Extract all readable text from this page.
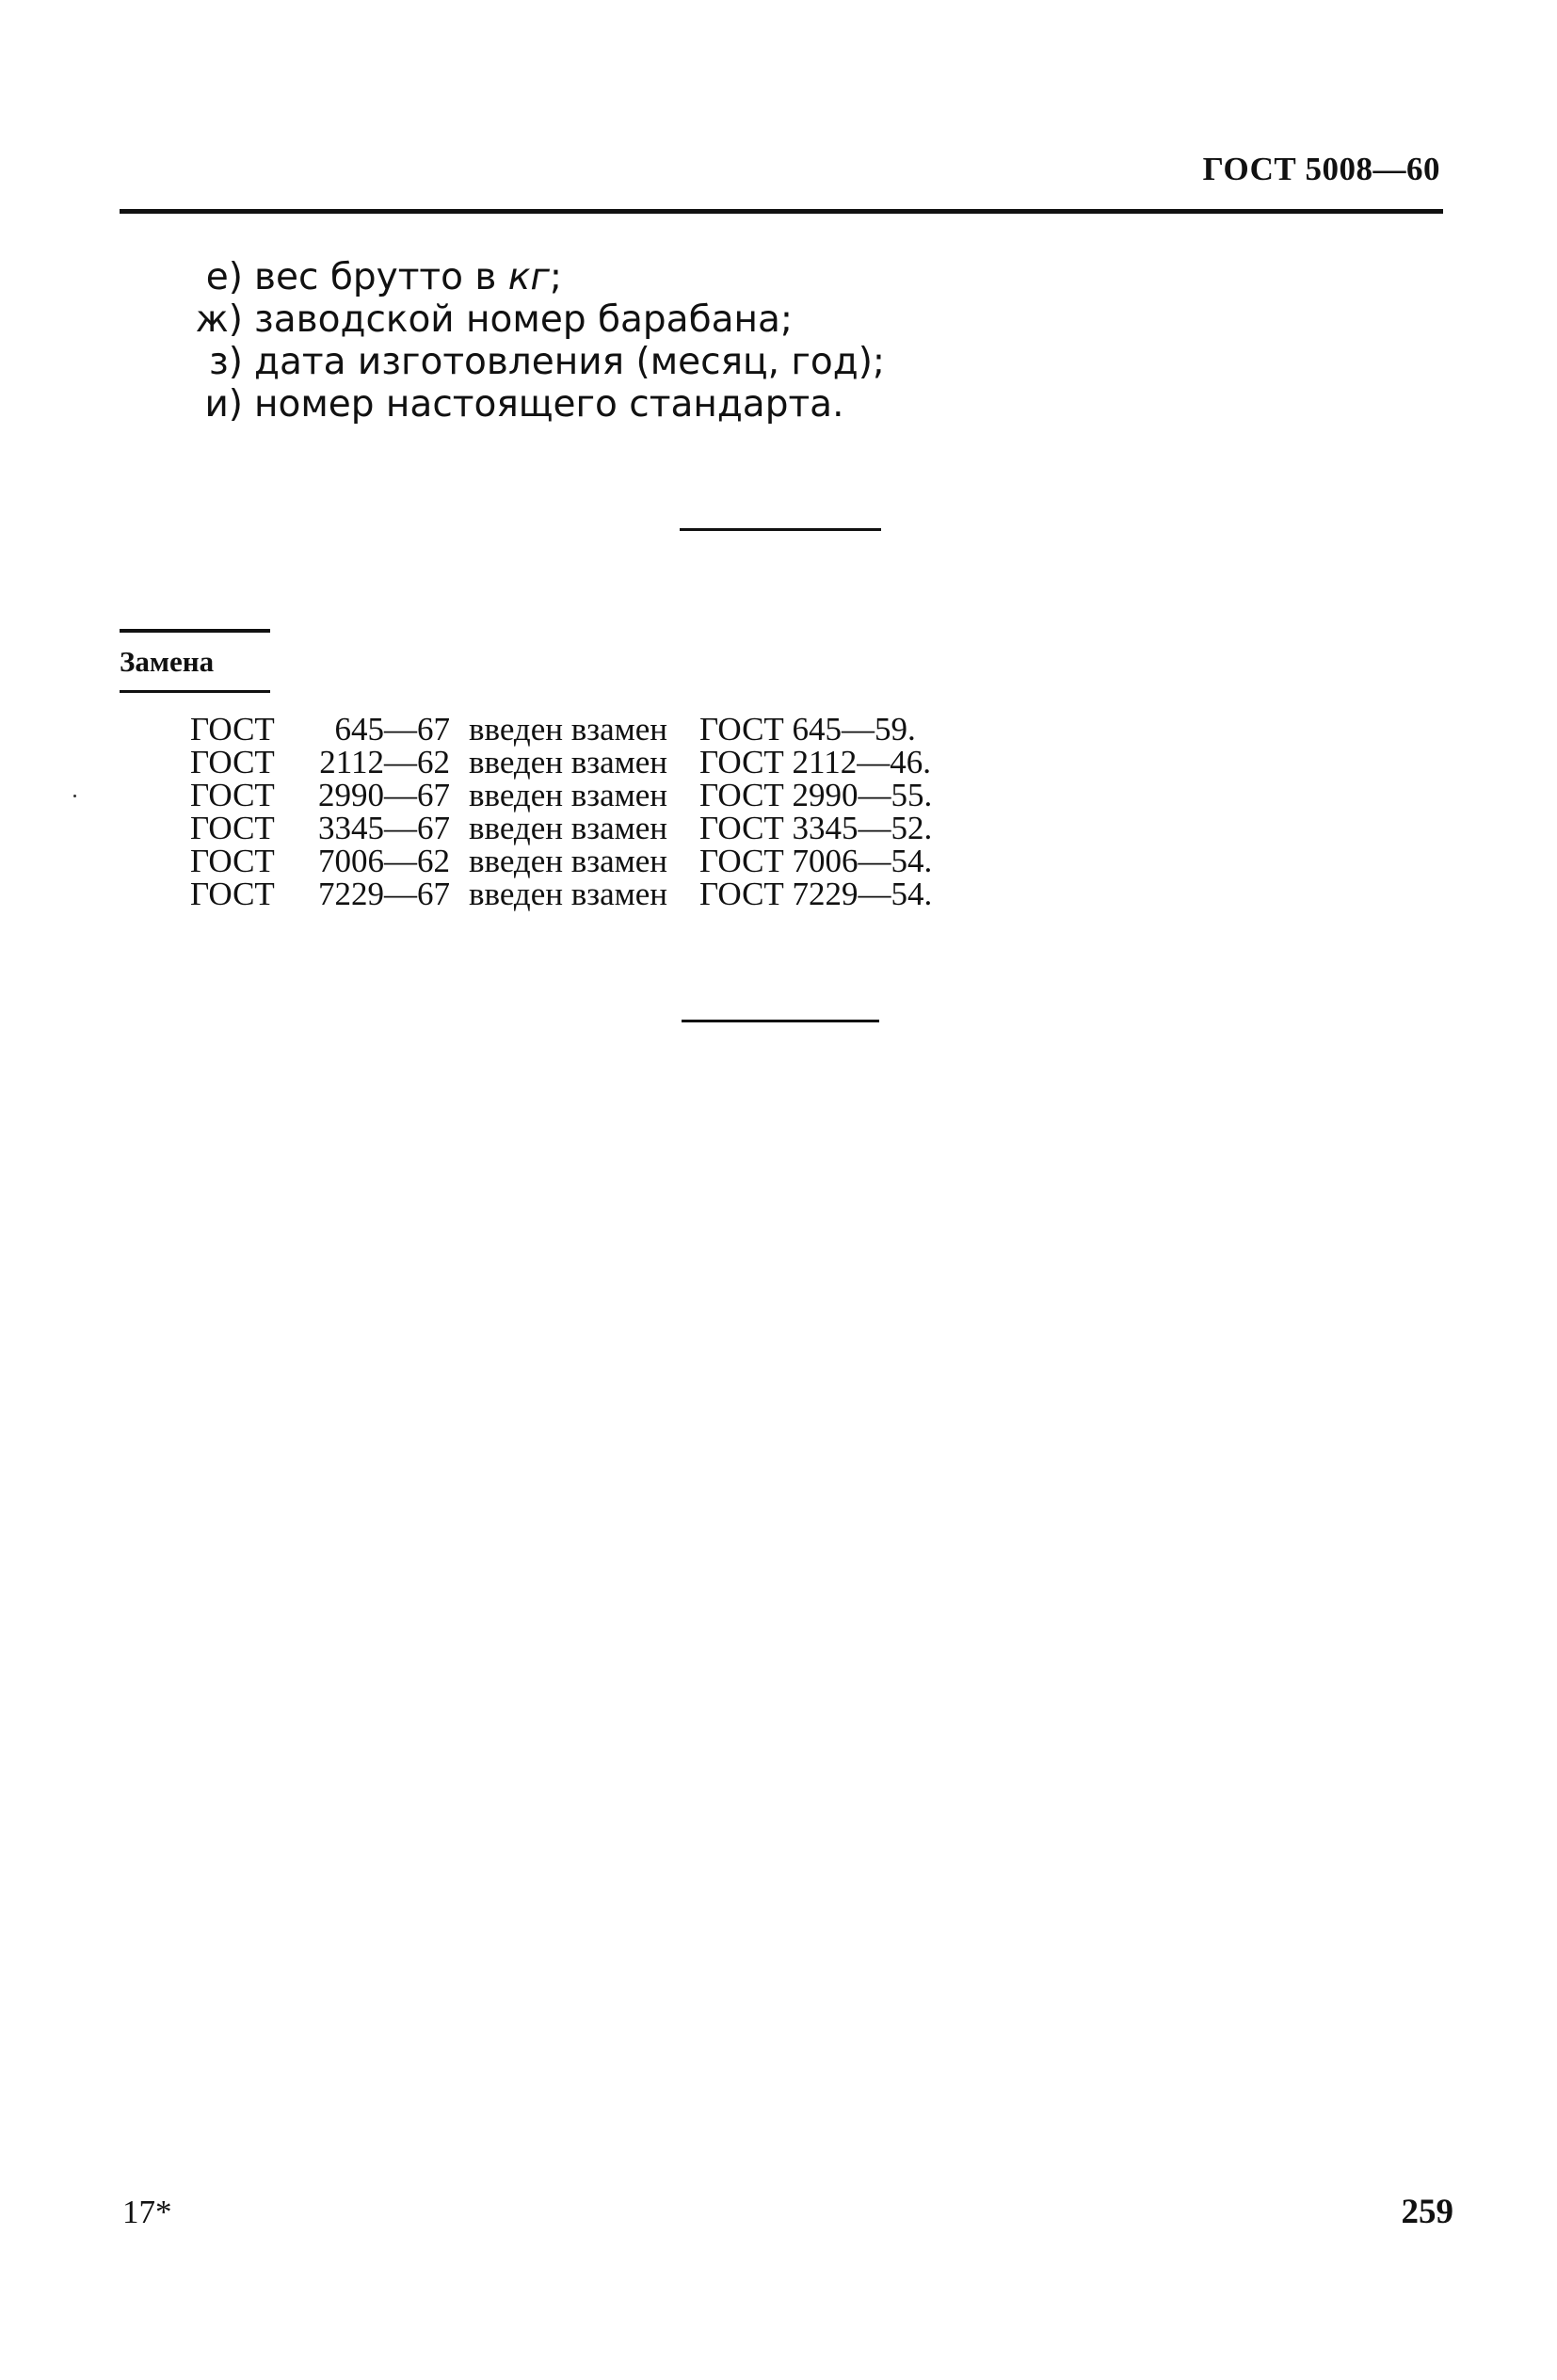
ГОСТ 5008—60
е) вес брутто в кг;
ж) заводской номер барабана;
з) дата изготовления (месяц, год);
и) номер настоящего стандарта.
Замена
ГОСТ 645—67 введен взамен ГОСТ 645—59.
ГОСТ 2112—62 введен взамен ГОСТ 2112—46.
ГОСТ 2990—67 введен взамен ГОСТ 2990—55.
ГОСТ 3345—67 введен взамен ГОСТ 3345—52.
ГОСТ 7006—62 введен взамен ГОСТ 7006—54.
ГОСТ 7229—67 введен взамен ГОСТ 7229—54.
17*	259
